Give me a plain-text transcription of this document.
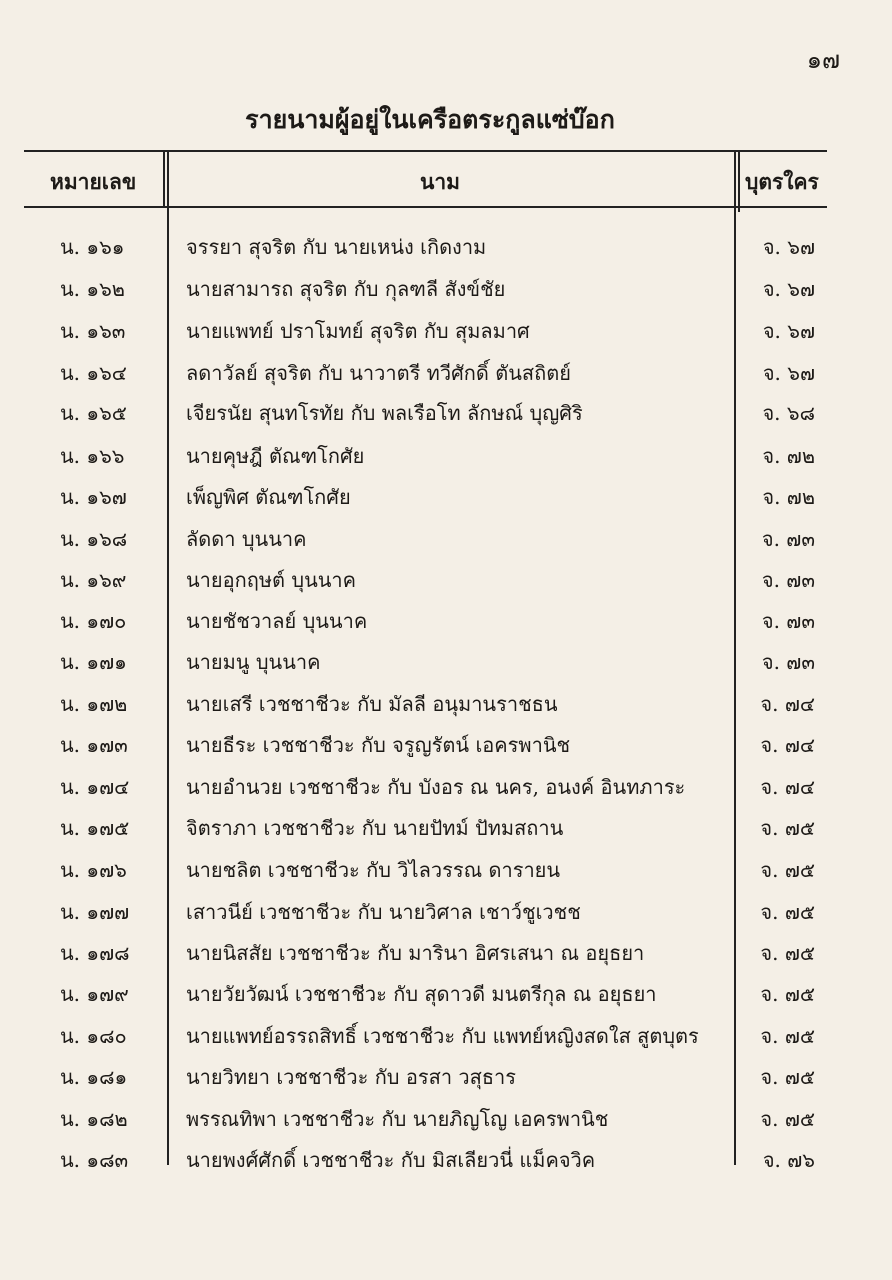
๑๗
รายนามผู้อยู่ในเครือตระกูลแซ่บ๊อก
หมายเลข	นาม	บุตรใคร
น. ๑๖๑	จรรยา สุจริต กับ นายเหน่ง เกิดงาม	จ. ๖๗
น. ๑๖๒	นายสามารถ สุจริต กับ กุลฑลี สังข์ชัย	จ. ๖๗
น. ๑๖๓	นายแพทย์ ปราโมทย์ สุจริต กับ สุมลมาศ	จ. ๖๗
น. ๑๖๔	ลดาวัลย์ สุจริต กับ นาวาตรี ทวีศักดิ์ ตันสถิตย์	จ. ๖๗
น. ๑๖๕	เจียรนัย สุนทโรทัย กับ พลเรือโท ลักษณ์ บุญศิริ	จ. ๖๘
น. ๑๖๖	นายคุษฎี ตัณฑโกศัย	จ. ๗๒
น. ๑๖๗	เพ็ญพิศ ตัณฑโกศัย	จ. ๗๒
น. ๑๖๘	ลัดดา บุนนาค	จ. ๗๓
น. ๑๖๙	นายอุกฤษต์ บุนนาค	จ. ๗๓
น. ๑๗๐	นายชัชวาลย์ บุนนาค	จ. ๗๓
น. ๑๗๑	นายมนู บุนนาค	จ. ๗๓
น. ๑๗๒	นายเสรี เวชชาชีวะ กับ มัลลี อนุมานราชธน	จ. ๗๔
น. ๑๗๓	นายธีระ เวชชาชีวะ กับ จรูญรัตน์ เอครพานิช	จ. ๗๔
น. ๑๗๔	นายอำนวย เวชชาชีวะ กับ บังอร ณ นคร, อนงค์ อินทภาระ	จ. ๗๔
น. ๑๗๕	จิตราภา เวชชาชีวะ กับ นายปัทม์ ปัทมสถาน	จ. ๗๕
น. ๑๗๖	นายชลิต เวชชาชีวะ กับ วิไลวรรณ ดารายน	จ. ๗๕
น. ๑๗๗	เสาวนีย์ เวชชาชีวะ กับ นายวิศาล เชาว์ชูเวชช	จ. ๗๕
น. ๑๗๘	นายนิสสัย เวชชาชีวะ กับ มารินา อิศรเสนา ณ อยุธยา	จ. ๗๕
น. ๑๗๙	นายวัยวัฒน์ เวชชาชีวะ กับ สุดาวดี มนตรีกุล ณ อยุธยา	จ. ๗๕
น. ๑๘๐	นายแพทย์อรรถสิทธิ์ เวชชาชีวะ กับ แพทย์หญิงสดใส สูตบุตร	จ. ๗๕
น. ๑๘๑	นายวิทยา เวชชาชีวะ กับ อรสา วสุธาร	จ. ๗๕
น. ๑๘๒	พรรณทิพา เวชชาชีวะ กับ นายภิญโญ เอครพานิช	จ. ๗๕
น. ๑๘๓	นายพงศ์ศักดิ์ เวชชาชีวะ กับ มิสเลียวนี่ แม็คจวิค	จ. ๗๖
